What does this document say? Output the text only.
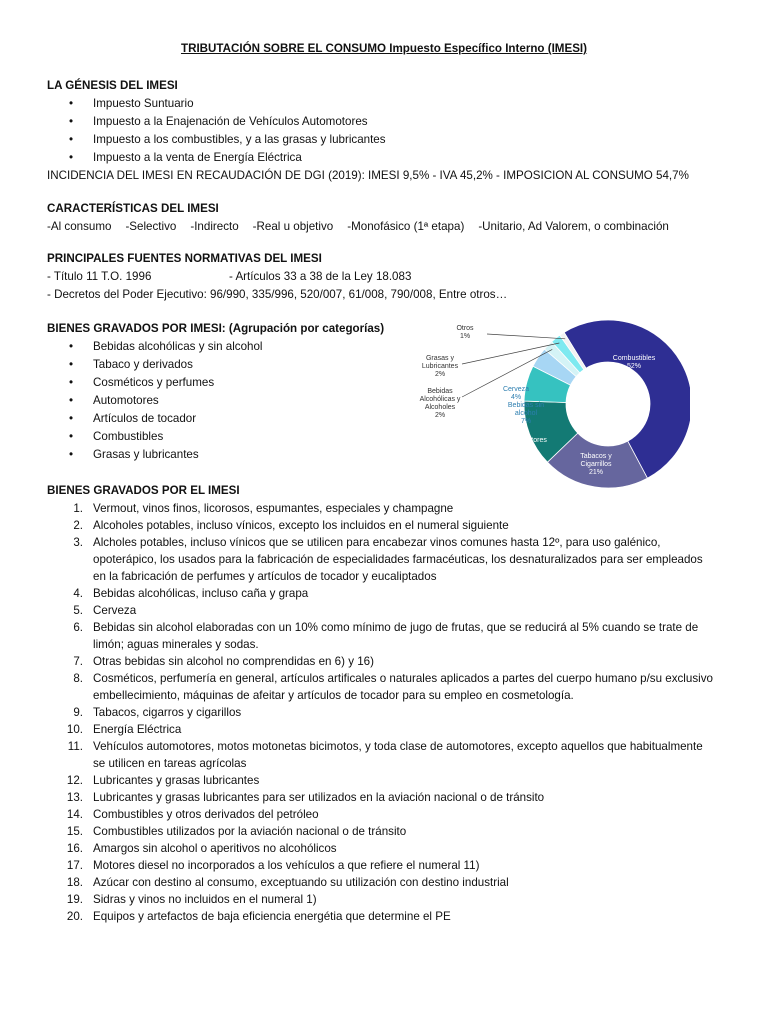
TRIBUTACIÓN SOBRE EL CONSUMO Impuesto Específico Interno (IMESI)
LA GÉNESIS DEL IMESI
• Impuesto Suntuario
• Impuesto a la Enajenación de Vehículos Automotores
• Impuesto a los combustibles, y a las grasas y lubricantes
• Impuesto a la venta de Energía Eléctrica
INCIDENCIA DEL IMESI EN RECAUDACIÓN DE DGI (2019): IMESI 9,5% - IVA 45,2% - IMPOSICION AL CONSUMO 54,7%
CARACTERÍSTICAS DEL IMESI
-Al consumo -Selectivo -Indirecto -Real u objetivo -Monofásico (1ª etapa) -Unitario, Ad Valorem, o combinación
PRINCIPALES FUENTES NORMATIVAS DEL IMESI
- Título 11 T.O. 1996	- Artículos 33 a 38 de la Ley 18.083
- Decretos del Poder Ejecutivo: 96/990, 335/996, 520/007, 61/008, 790/008, Entre otros…
BIENES GRAVADOS POR IMESI: (Agrupación por categorías)
• Bebidas alcohólicas y sin alcohol
• Tabaco y derivados
• Cosméticos y perfumes
• Automotores
• Artículos de tocador
• Combustibles
• Grasas y lubricantes
Combustibles 52%
Tabacos y Cigarrillos 21%
Automotores 13%
Bebidas sin alcohol 7%
Cerveza 4%
Bebidas Alcohólicas y Alcoholes 2%
Grasas y Lubricantes 2%
Otros 1%
BIENES GRAVADOS POR EL IMESI
1. Vermout, vinos finos, licorosos, espumantes, especiales y champagne
2. Alcoholes potables, incluso vínicos, excepto los incluidos en el numeral siguiente
3. Alcholes potables, incluso vínicos que se utilicen para encabezar vinos comunes hasta 12º, para uso galénico, opoterápico, los usados para la fabricación de especialidades farmacéuticas, los desnaturalizados para ser empleados en la fabricación de perfumes y artículos de tocador y eucaliptados
4. Bebidas alcohólicas, incluso caña y grapa
5. Cerveza
6. Bebidas sin alcohol elaboradas con un 10% como mínimo de jugo de frutas, que se reducirá al 5% cuando se trate de limón; aguas minerales y sodas.
7. Otras bebidas sin alcohol no comprendidas en 6) y 16)
8. Cosméticos, perfumería en general, artículos artificales o naturales aplicados a partes del cuerpo humano p/su exclusivo embellecimiento, máquinas de afeitar y artículos de tocador para su empleo en cosmetología.
9. Tabacos, cigarros y cigarillos
10. Energía Eléctrica
11. Vehículos automotores, motos motonetas bicimotos, y toda clase de automotores, excepto aquellos que habitualmente se utilicen en tareas agrícolas
12. Lubricantes y grasas lubricantes
13. Lubricantes y grasas lubricantes para ser utilizados en la aviación nacional o de tránsito
14. Combustibles y otros derivados del petróleo
15. Combustibles utilizados por la aviación nacional o de tránsito
16. Amargos sin alcohol o aperitivos no alcohólicos
17. Motores diesel no incorporados a los vehículos a que refiere el numeral 11)
18. Azúcar con destino al consumo, exceptuando su utilización con destino industrial
19. Sidras y vinos no incluidos en el numeral 1)
20. Equipos y artefactos de baja eficiencia energétia que determine el PE
